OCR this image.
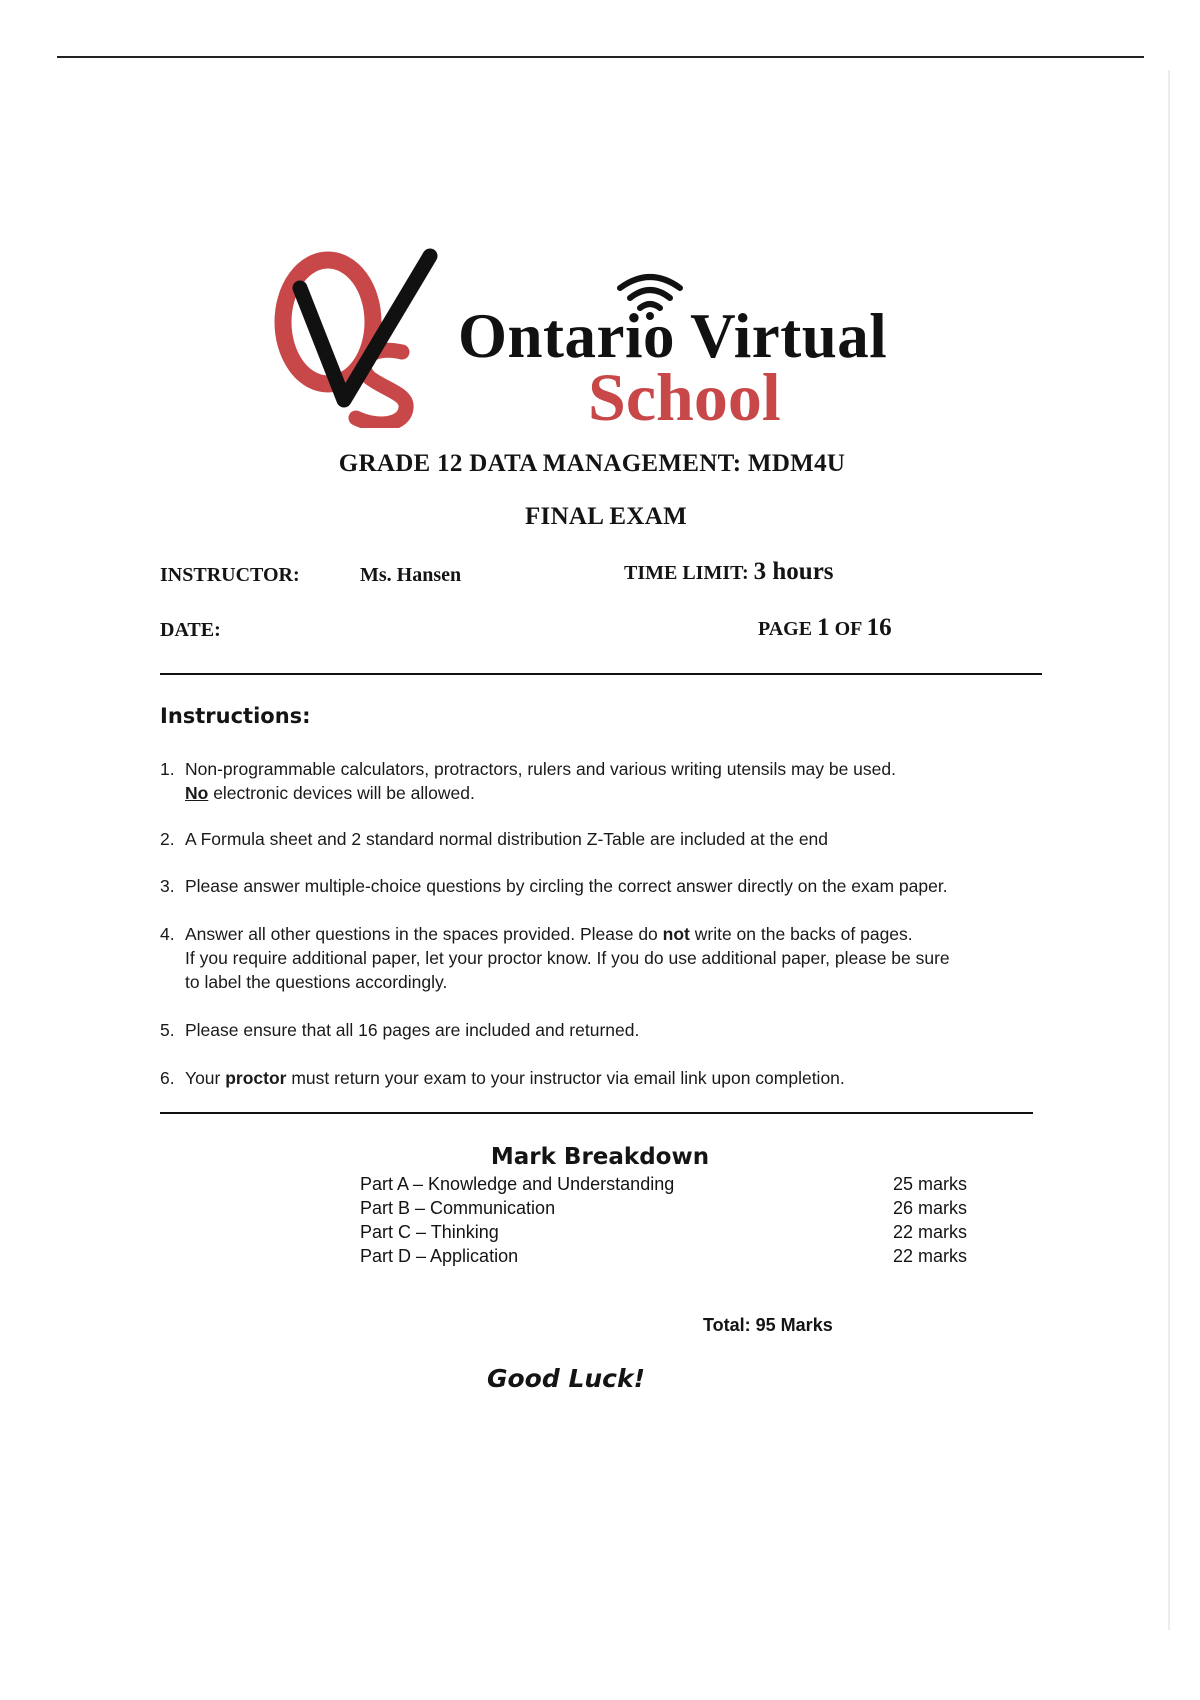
Ontario Virtual
School
GRADE 12 DATA MANAGEMENT: MDM4U
FINAL EXAM
INSTRUCTOR:	Ms. Hansen	TIME LIMIT: 3 hours
DATE:	PAGE 1 OF 16
Instructions:
1. Non-programmable calculators, protractors, rulers and various writing utensils may be used.
No electronic devices will be allowed.
2. A Formula sheet and 2 standard normal distribution Z-Table are included at the end
3. Please answer multiple-choice questions by circling the correct answer directly on the exam paper.
4. Answer all other questions in the spaces provided. Please do not write on the backs of pages.
If you require additional paper, let your proctor know. If you do use additional paper, please be sure
to label the questions accordingly.
5. Please ensure that all 16 pages are included and returned.
6. Your proctor must return your exam to your instructor via email link upon completion.
Mark Breakdown
Part A – Knowledge and Understanding	25 marks
Part B – Communication	26 marks
Part C – Thinking	22 marks
Part D – Application	22 marks
Total: 95 Marks
Good Luck!
